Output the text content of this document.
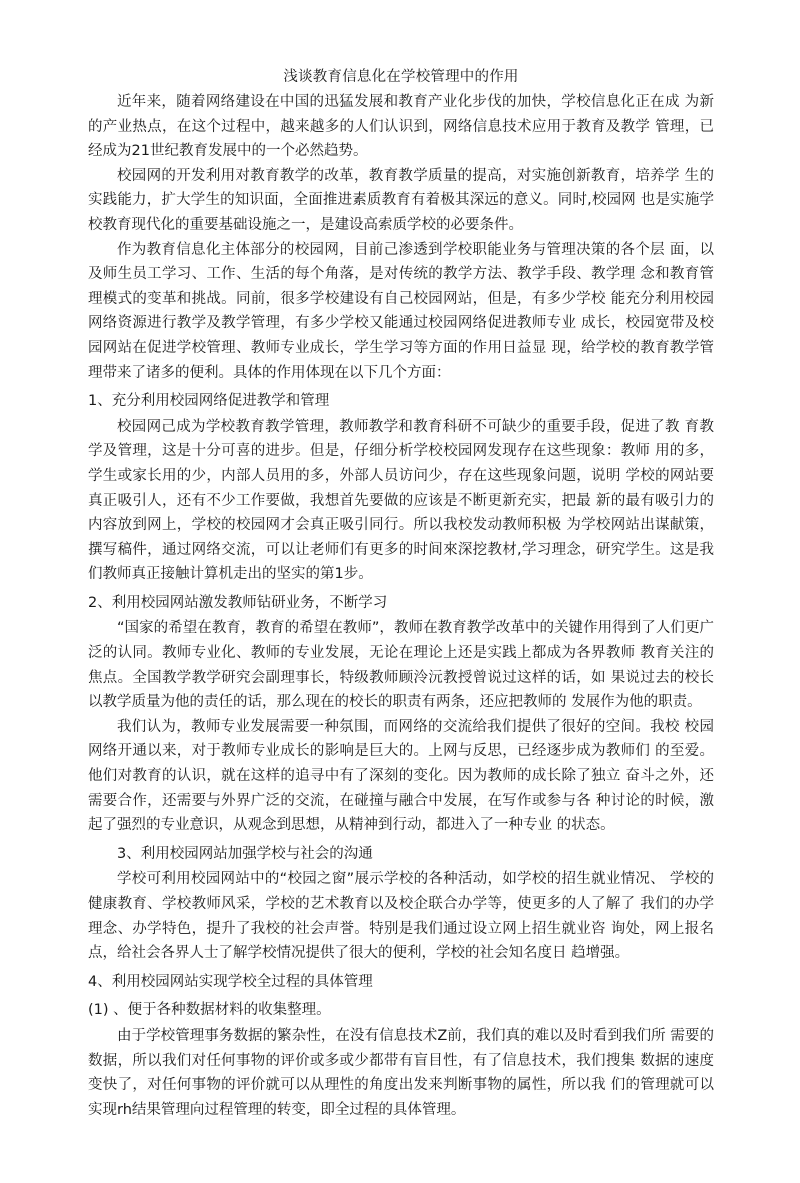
浅谈教育信息化在学校管理中的作用

近年来，随着网络建设在中国的迅猛发展和教育产业化步伐的加快，学校信息化正在成 为新的产业热点，在这个过程中，越来越多的人们认识到，网络信息技术应用于教育及教学 管理，已经成为21世纪教育发展中的一个必然趋势。

校园网的开发利用对教育教学的改革，教育教学质量的提高，对实施创新教育，培养学 生的实践能力，扩大学生的知识面，全面推进素质教育有着极其深远的意义。同时,校园网 也是实施学校教育现代化的重要基础设施之一，是建设高索质学校的必要条件。

作为教育信息化主体部分的校园网，目前己渗透到学校职能业务与管理决策的各个层 面，以及师生员工学习、工作、生活的每个角落，是对传统的教学方法、教学手段、教学理 念和教育管理模式的变革和挑战。同前，很多学校建设有自己校园网站，但是，有多少学校 能充分利用校园网络资源进行教学及教学管理，有多少学校又能通过校园网络促进教师专业 成长，校园宽带及校园网站在促进学校管理、教师专业成长，学生学习等方面的作用日益显 现，给学校的教育教学管理带来了诸多的便利。具体的作用体现在以下几个方面：

1、充分利用校园网络促进教学和管理

校园网己成为学校教育教学管理，教师教学和教育科研不可缺少的重要手段，促进了教 育教学及管理，这是十分可喜的进步。但是，仔细分析学校校园网发现存在这些现象：教师 用的多，学生或家长用的少，内部人员用的多，外部人员访问少，存在这些现象问题，说明 学校的网站要真正吸引人，还有不少工作要做，我想首先要做的应该是不断更新充实，把最 新的最有吸引力的内容放到网上，学校的校园网才会真正吸引同行。所以我校发动教师积极 为学校网站出谋献策，撰写稿件，通过网络交流，可以让老师们有更多的时间來深挖教材,学习理念，研究学生。这是我们教师真正接触计算机走出的坚实的第1步。

2、利用校园网站激发教师钻研业务，不断学习

“国家的希望在教育，教育的希望在教师”，教师在教育教学改革中的关键作用得到了人们更广泛的认同。教师专业化、教师的专业发展，无论在理论上还是实践上都成为各界教师 教育关注的焦点。全国教学教学研究会副理事长，特级教师顾泠沅教授曾说过这样的话，如 果说过去的校长以教学质量为他的责任的话，那么现在的校长的职责有两条，还应把教师的 发展作为他的职责。

我们认为，教师专业发展需要一种氛围，而网络的交流给我们提供了很好的空间。我校 校园网络开通以来，对于教师专业成长的影响是巨大的。上网与反思，已经逐步成为教师们 的至爱。他们对教育的认识，就在这样的追寻中有了深刻的变化。因为教师的成长除了独立 奋斗之外，还需要合作，还需要与外界广泛的交流，在碰撞与融合中发展，在写作或参与各 种讨论的时候，激起了强烈的专业意识，从观念到思想，从精神到行动，都进入了一种专业 的状态。

3、利用校园网站加强学校与社会的沟通

学校可利用校园网站中的“校园之窗”展示学校的各种活动，如学校的招生就业情况、 学校的健康教育、学校教师风采，学校的艺术教育以及校企联合办学等，使更多的人了解了 我们的办学理念、办学特色，提升了我校的社会声誉。特别是我们通过设立网上招生就业咨 询处，网上报名点，给社会各界人士了解学校情况提供了很大的便利，学校的社会知名度日 趋增强。

4、利用校园网站实现学校全过程的具体管理
(1) 、便于各种数据材料的收集整理。

由于学校管理事务数据的繁杂性，在没有信息技术Z前，我们真的难以及时看到我们所 需要的数据，所以我们对任何事物的评价或多或少都带有盲目性，有了信息技术，我们搜集 数据的速度变快了，对任何事物的评价就可以从理性的角度出发来判断事物的属性，所以我 们的管理就可以实现rh结果管理向过程管理的转变，即全过程的具体管理。
